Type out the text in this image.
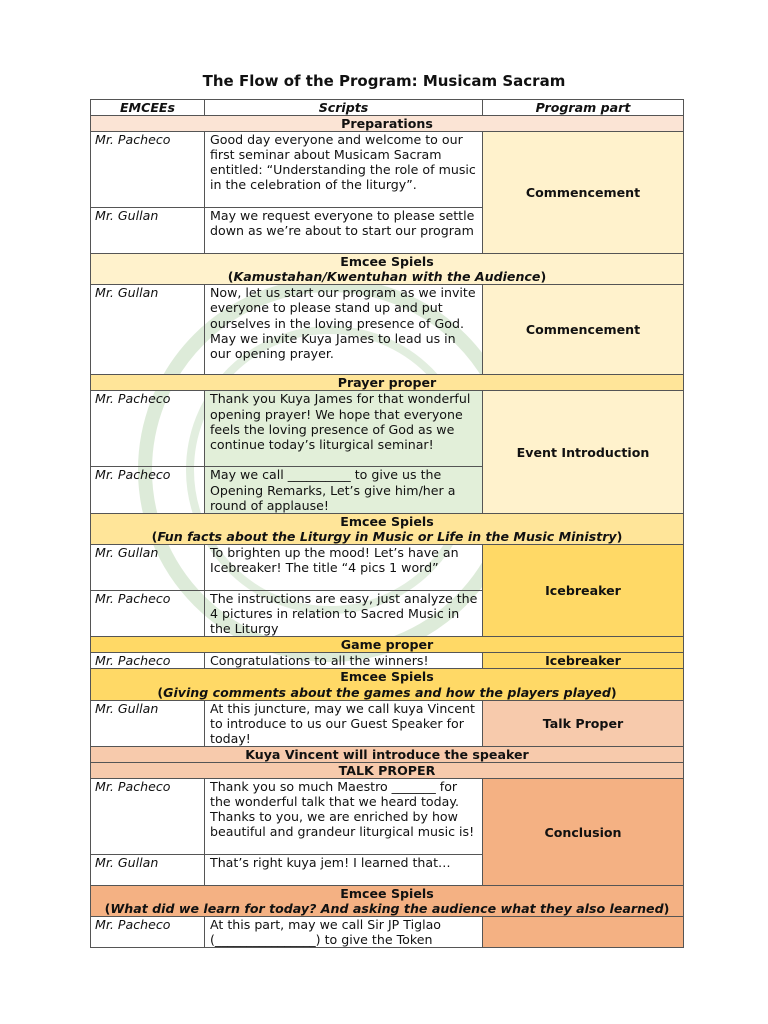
The Flow of the Program: Musicam Sacram
EMCEEs	Scripts	Program part
Preparations		
Mr. Pacheco	Good day everyone and welcome to our first seminar about Musicam Sacram entitled: “Understanding the role of music in the celebration of the liturgy”.	Commencement
Mr. Gullan	May we request everyone to please settle down as we’re about to start our program	

Emcee Spiels
(Kamustahan/Kwentuhan with the Audience)		

Mr. Gullan	Now, let us start our program as we invite everyone to please stand up and put ourselves in the loving presence of God. May we invite Kuya James to lead us in our opening prayer.	Commencement
Prayer proper		
Mr. Pacheco	Thank you Kuya James for that wonderful opening prayer! We hope that everyone feels the loving presence of God as we continue today’s liturgical seminar!	Event Introduction
Mr. Pacheco	May we call __________ to give us the Opening Remarks, Let’s give him/her a round of applause!	

Emcee Spiels
(Fun facts about the Liturgy in Music or Life in the Music Ministry)		

Mr. Gullan	To brighten up the mood! Let’s have an Icebreaker! The title “4 pics 1 word”	Icebreaker
Mr. Pacheco	The instructions are easy, just analyze the 4 pictures in relation to Sacred Music in the Liturgy	
Game proper		
Mr. Pacheco	Congratulations to all the winners!	Icebreaker

Emcee Spiels
(Giving comments about the games and how the players played)		

Mr. Gullan	At this juncture, may we call kuya Vincent to introduce to us our Guest Speaker for today!	Talk Proper
Kuya Vincent will introduce the speaker		
TALK PROPER		
Mr. Pacheco	Thank you so much Maestro _______ for the wonderful talk that we heard today. Thanks to you, we are enriched by how beautiful and grandeur liturgical music is!	Conclusion
Mr. Gullan	That’s right kuya jem! I learned that…	

Emcee Spiels
(What did we learn for today? And asking the audience what they also learned)		

Mr. Pacheco	At this part, may we call Sir JP Tiglao (________________) to give the Token	
